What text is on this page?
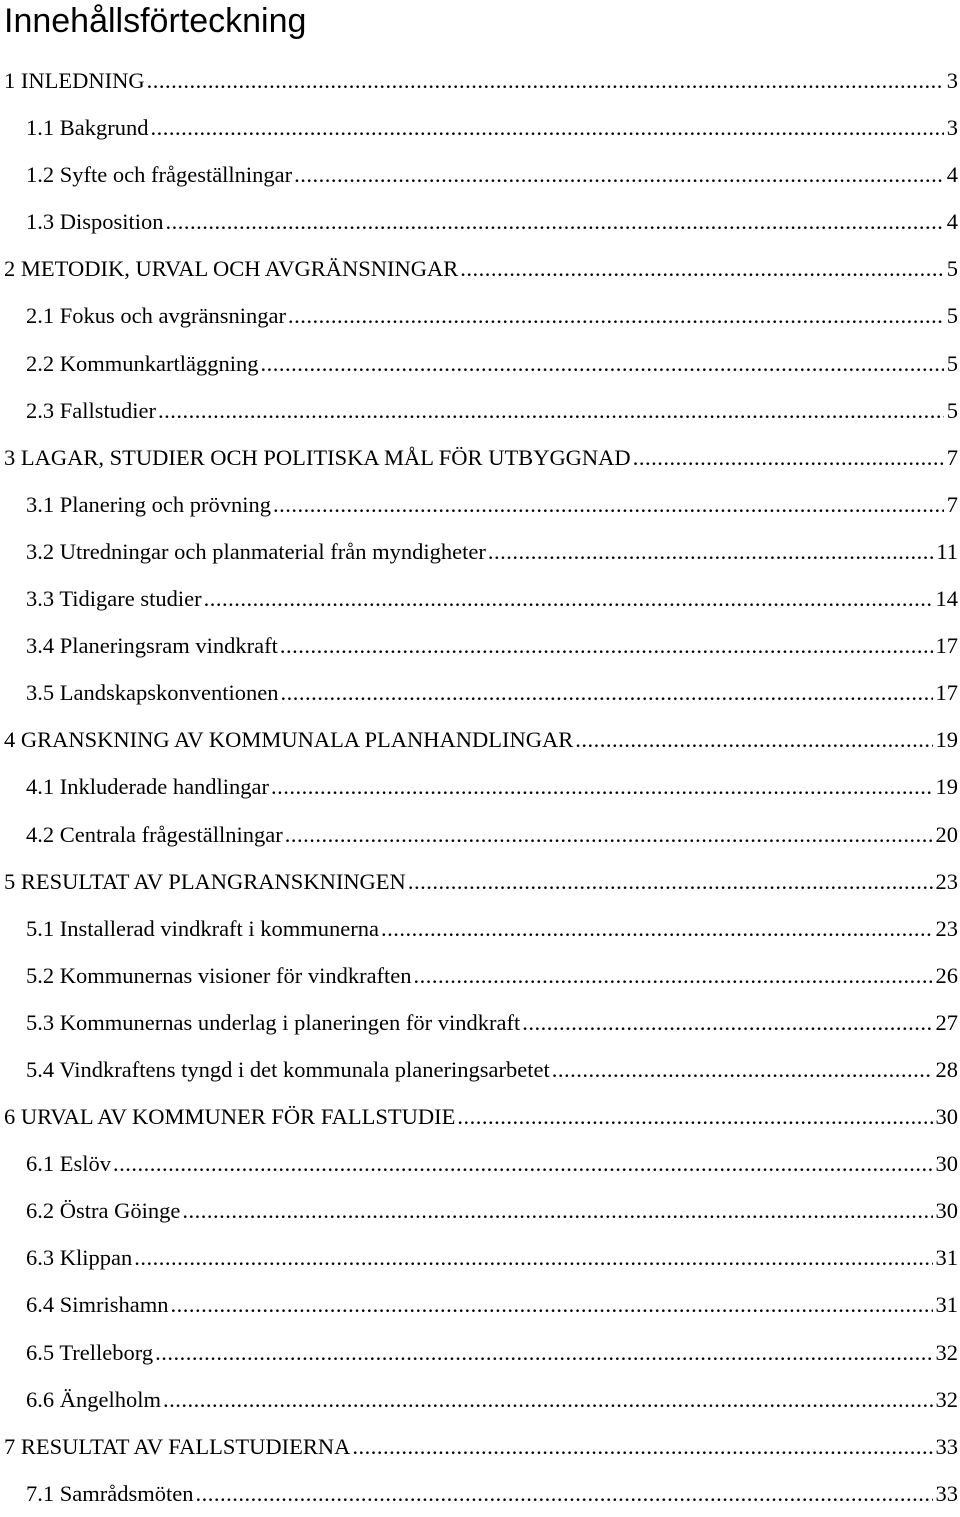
Innehållsförteckning
1 INLEDNING .....	3
1.1 Bakgrund .....	3
1.2 Syfte och frågeställningar .....	4
1.3 Disposition .....	4
2 METODIK, URVAL OCH AVGRÄNSNINGAR .....	5
2.1 Fokus och avgränsningar .....	5
2.2 Kommunkartläggning .....	5
2.3 Fallstudier .....	5
3 LAGAR, STUDIER OCH POLITISKA MÅL FÖR UTBYGGNAD .....	7
3.1 Planering och prövning .....	7
3.2 Utredningar och planmaterial från myndigheter .....	11
3.3 Tidigare studier .....	14
3.4 Planeringsram vindkraft .....	17
3.5 Landskapskonventionen .....	17
4 GRANSKNING AV KOMMUNALA PLANHANDLINGAR .....	19
4.1 Inkluderade handlingar .....	19
4.2 Centrala frågeställningar .....	20
5 RESULTAT AV PLANGRANSKNINGEN .....	23
5.1 Installerad vindkraft i kommunerna .....	23
5.2 Kommunernas visioner för vindkraften .....	26
5.3 Kommunernas underlag i planeringen för vindkraft .....	27
5.4 Vindkraftens tyngd i det kommunala planeringsarbetet .....	28
6 URVAL AV KOMMUNER FÖR FALLSTUDIE .....	30
6.1 Eslöv .....	30
6.2 Östra Göinge .....	30
6.3 Klippan .....	31
6.4 Simrishamn .....	31
6.5 Trelleborg .....	32
6.6 Ängelholm .....	32
7 RESULTAT AV FALLSTUDIERNA .....	33
7.1 Samrådsmöten .....	33
